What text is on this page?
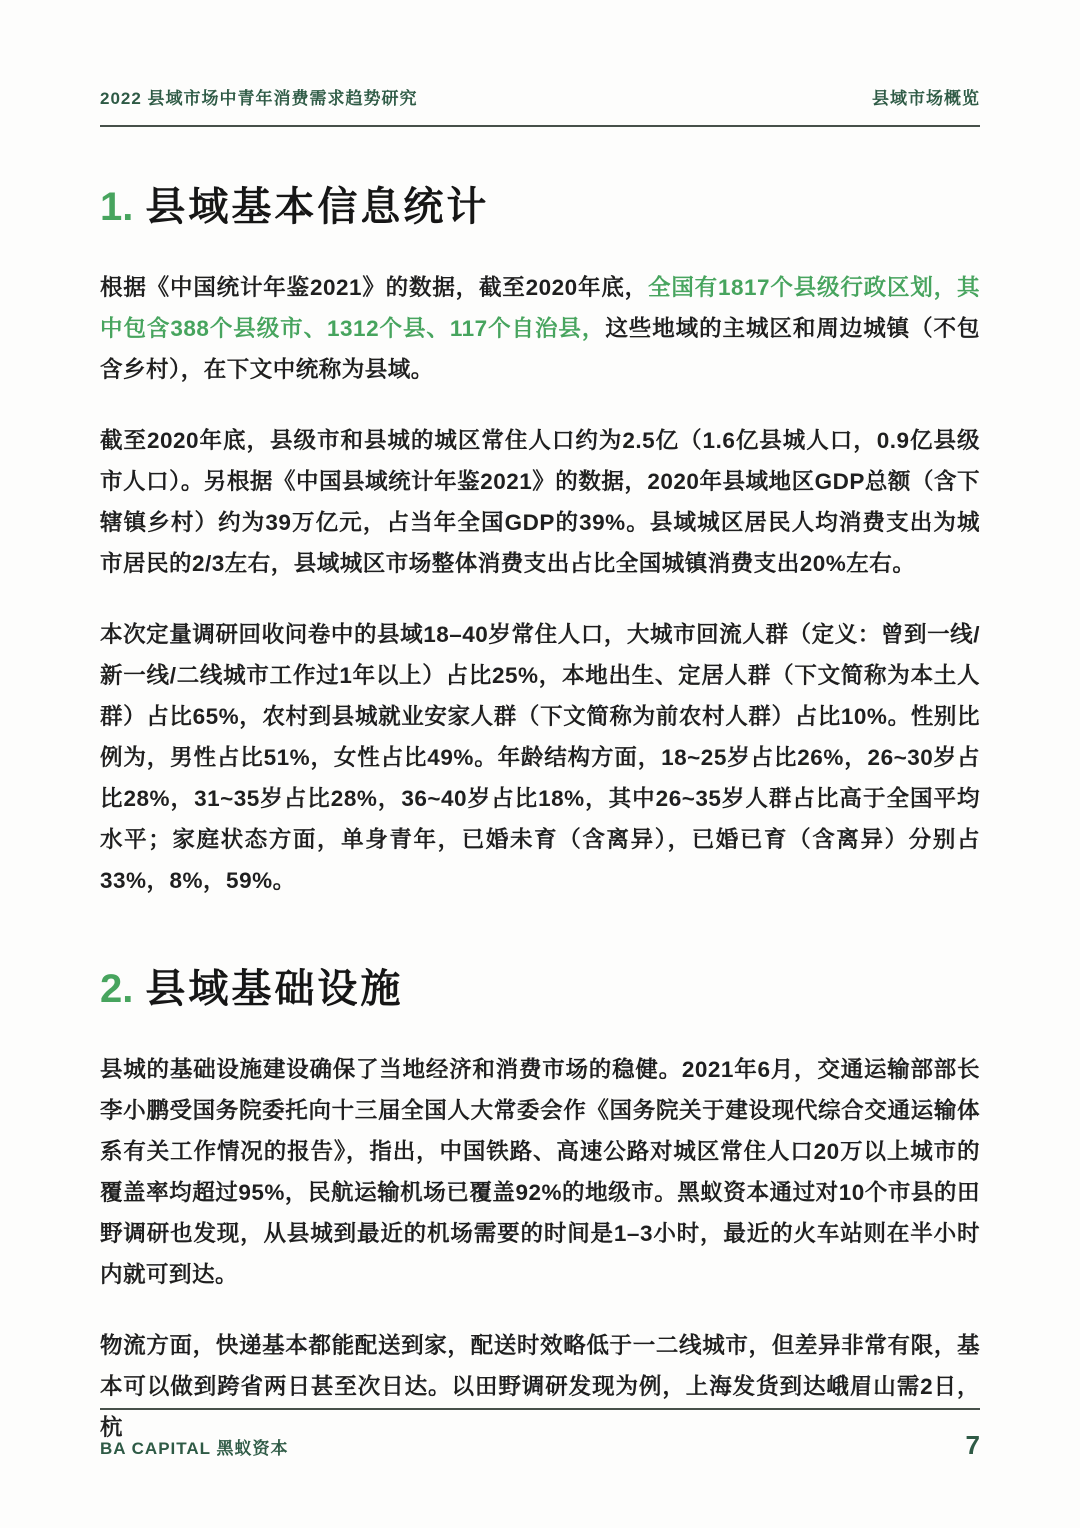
2022 县域市场中青年消费需求趋势研究	县域市场概览
1. 县域基本信息统计

根据《中国统计年鉴2021》的数据，截至2020年底，全国有1817个县级行政区划，其中包含388个县级市、1312个县、117个自治县，这些地域的主城区和周边城镇（不包含乡村），在下文中统称为县域。

截至2020年底，县级市和县城的城区常住人口约为2.5亿（1.6亿县城人口，0.9亿县级市人口）。另根据《中国县域统计年鉴2021》的数据，2020年县域地区GDP总额（含下辖镇乡村）约为39万亿元，占当年全国GDP的39%。县域城区居民人均消费支出为城市居民的2/3左右，县域城区市场整体消费支出占比全国城镇消费支出20%左右。

本次定量调研回收问卷中的县域18–40岁常住人口，大城市回流人群（定义：曾到一线/新一线/二线城市工作过1年以上）占比25%，本地出生、定居人群（下文简称为本土人群）占比65%，农村到县城就业安家人群（下文简称为前农村人群）占比10%。性别比例为，男性占比51%，女性占比49%。年龄结构方面，18~25岁占比26%，26~30岁占比28%，31~35岁占比28%，36~40岁占比18%，其中26~35岁人群占比高于全国平均水平；家庭状态方面，单身青年，已婚未育（含离异），已婚已育（含离异）分别占33%，8%，59%。

2. 县域基础设施

县城的基础设施建设确保了当地经济和消费市场的稳健。2021年6月，交通运输部部长李小鹏受国务院委托向十三届全国人大常委会作《国务院关于建设现代综合交通运输体系有关工作情况的报告》，指出，中国铁路、高速公路对城区常住人口20万以上城市的覆盖率均超过95%，民航运输机场已覆盖92%的地级市。黑蚁资本通过对10个市县的田野调研也发现，从县城到最近的机场需要的时间是1–3小时，最近的火车站则在半小时内就可到达。

物流方面，快递基本都能配送到家，配送时效略低于一二线城市，但差异非常有限，基本可以做到跨省两日甚至次日达。以田野调研发现为例，上海发货到达峨眉山需2日，杭

BA CAPITAL 黑蚁资本	7
